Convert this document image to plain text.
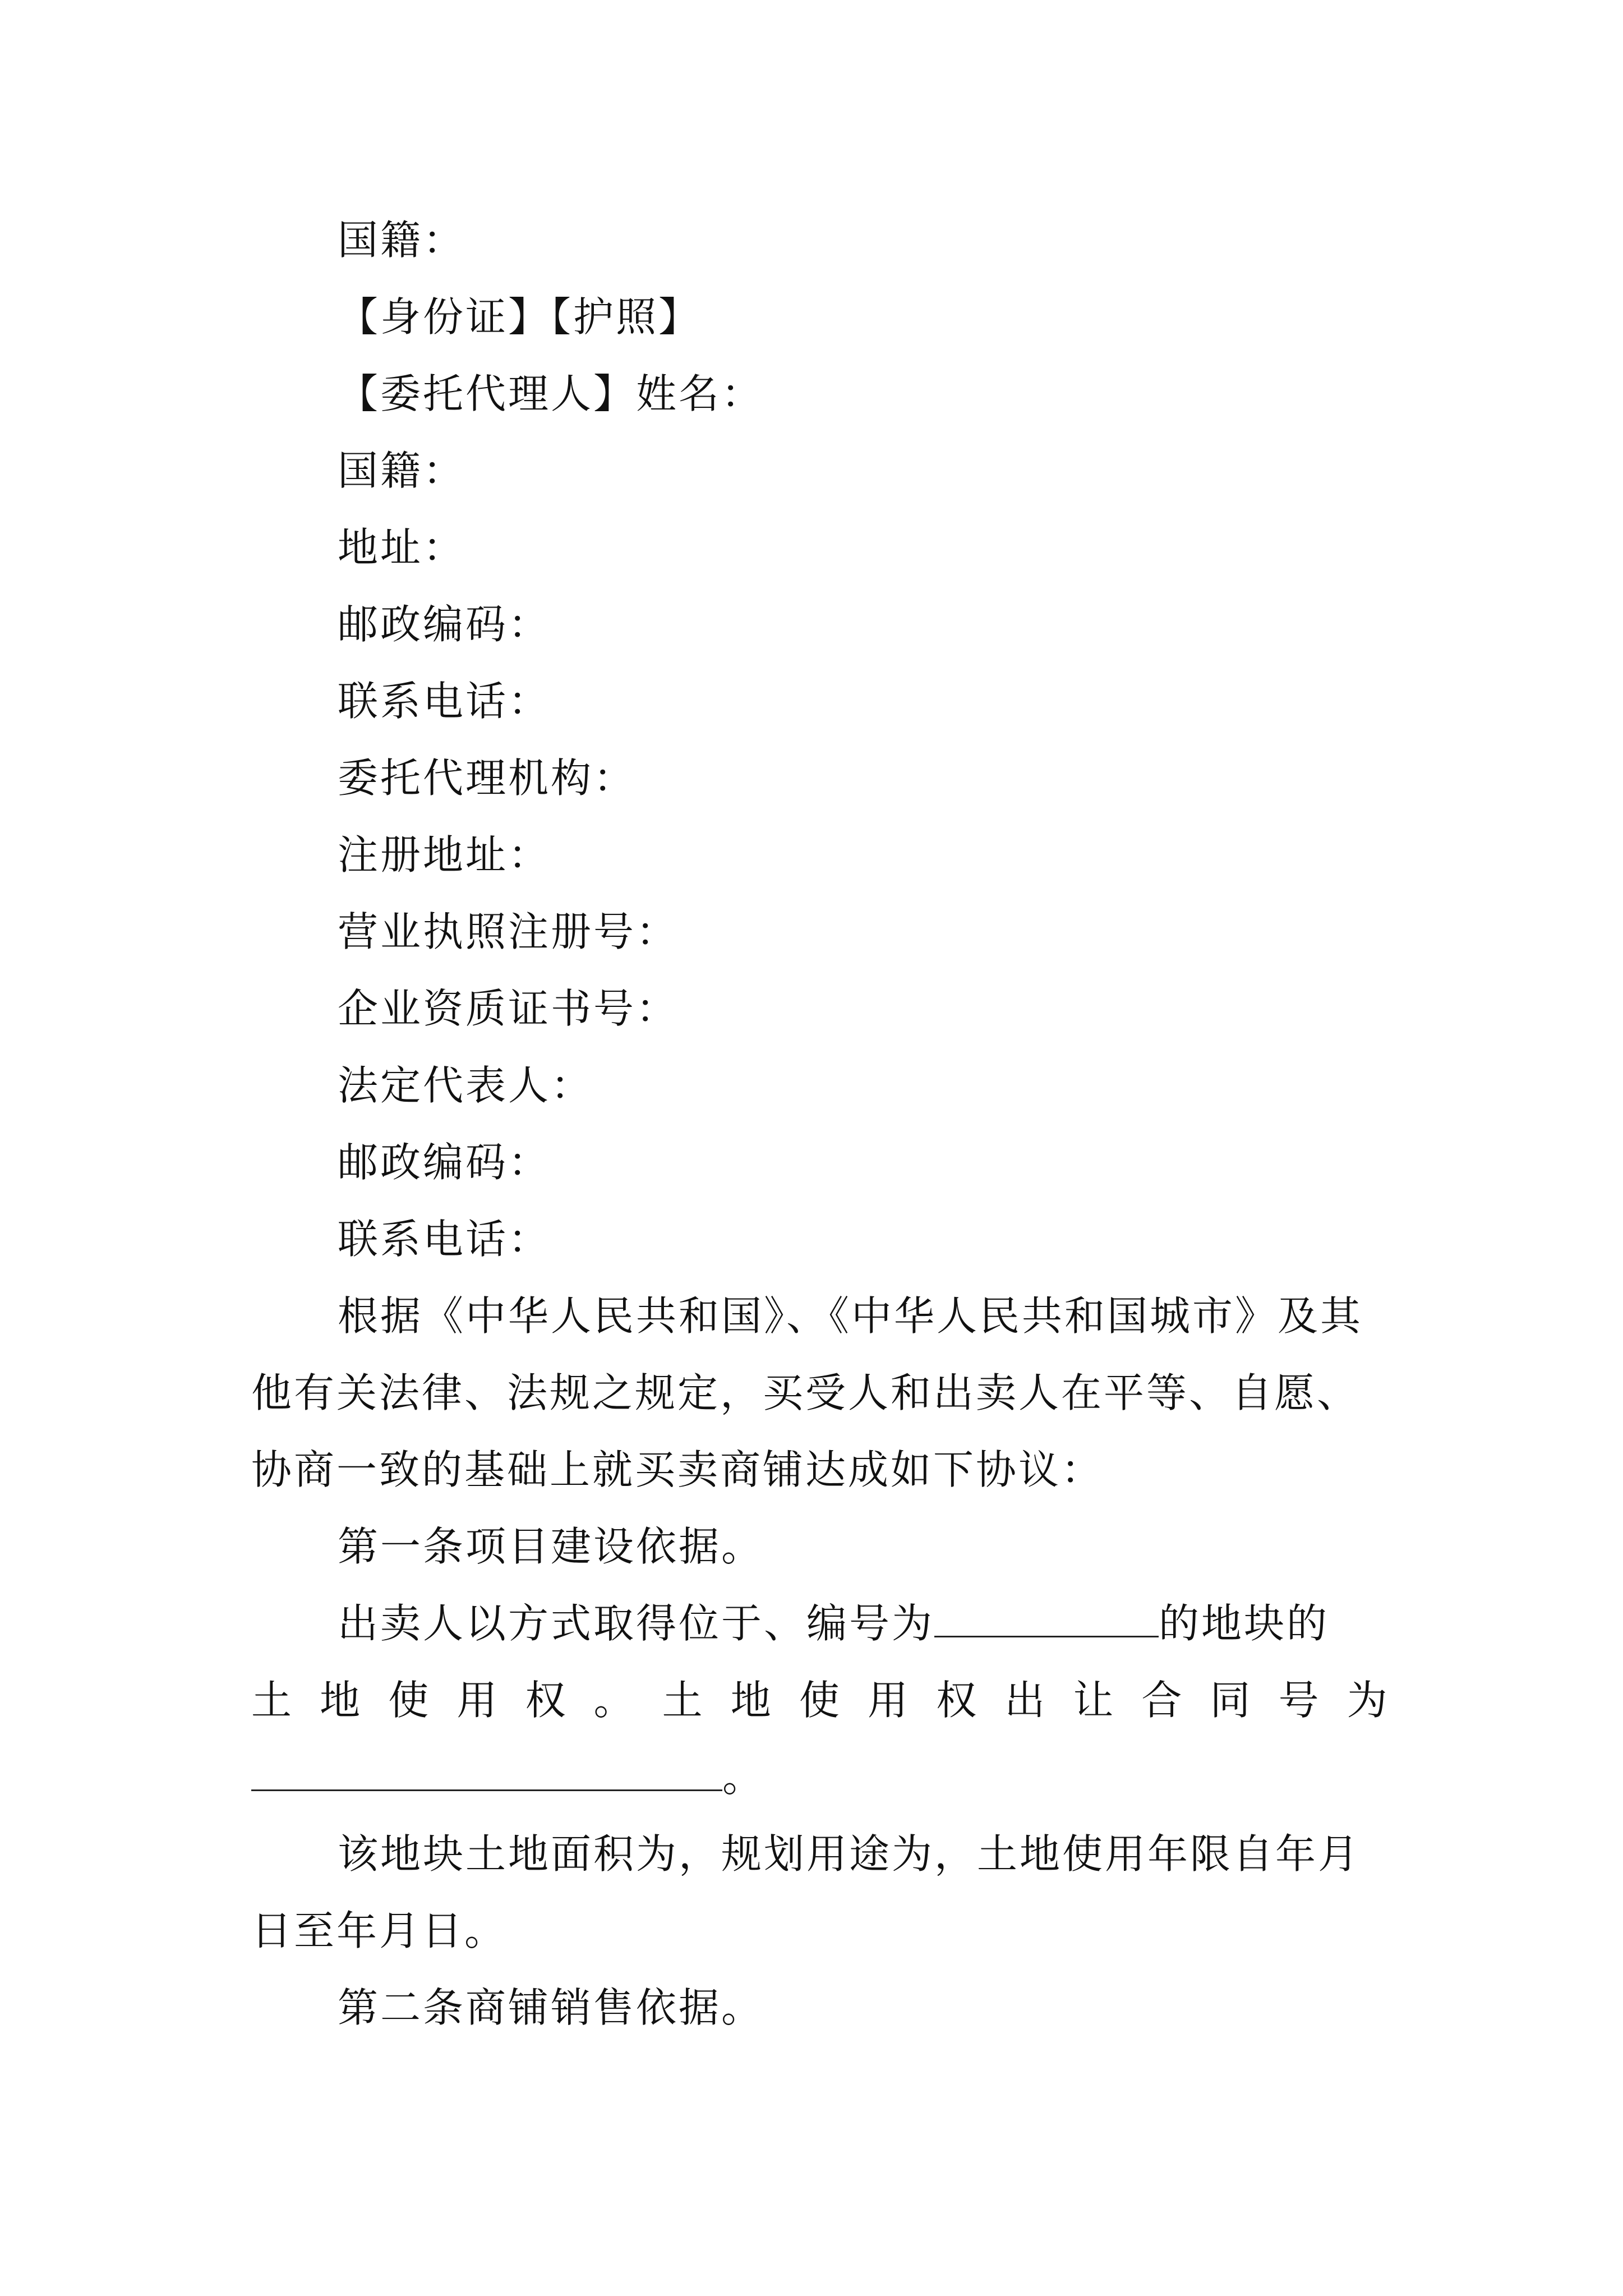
国籍：
【身份证】【护照】
【委托代理人】姓名：
国籍：
地址：
邮政编码：
联系电话：
委托代理机构：
注册地址：
营业执照注册号：
企业资质证书号：
法定代表人：
邮政编码：
联系电话：
根据《中华人民共和国》、《中华人民共和国城市》及其
他有关法律、法规之规定，买受人和出卖人在平等、自愿、
协商一致的基础上就买卖商铺达成如下协议：
第一条项目建设依据。
出卖人以方式取得位于、编号为	的地块的
土 地 使 用 权 。 土 地 使 用 权 出 让 合 同 号 为
。
该地块土地面积为，规划用途为，土地使用年限自年月
日至年月日。
第二条商铺销售依据。
